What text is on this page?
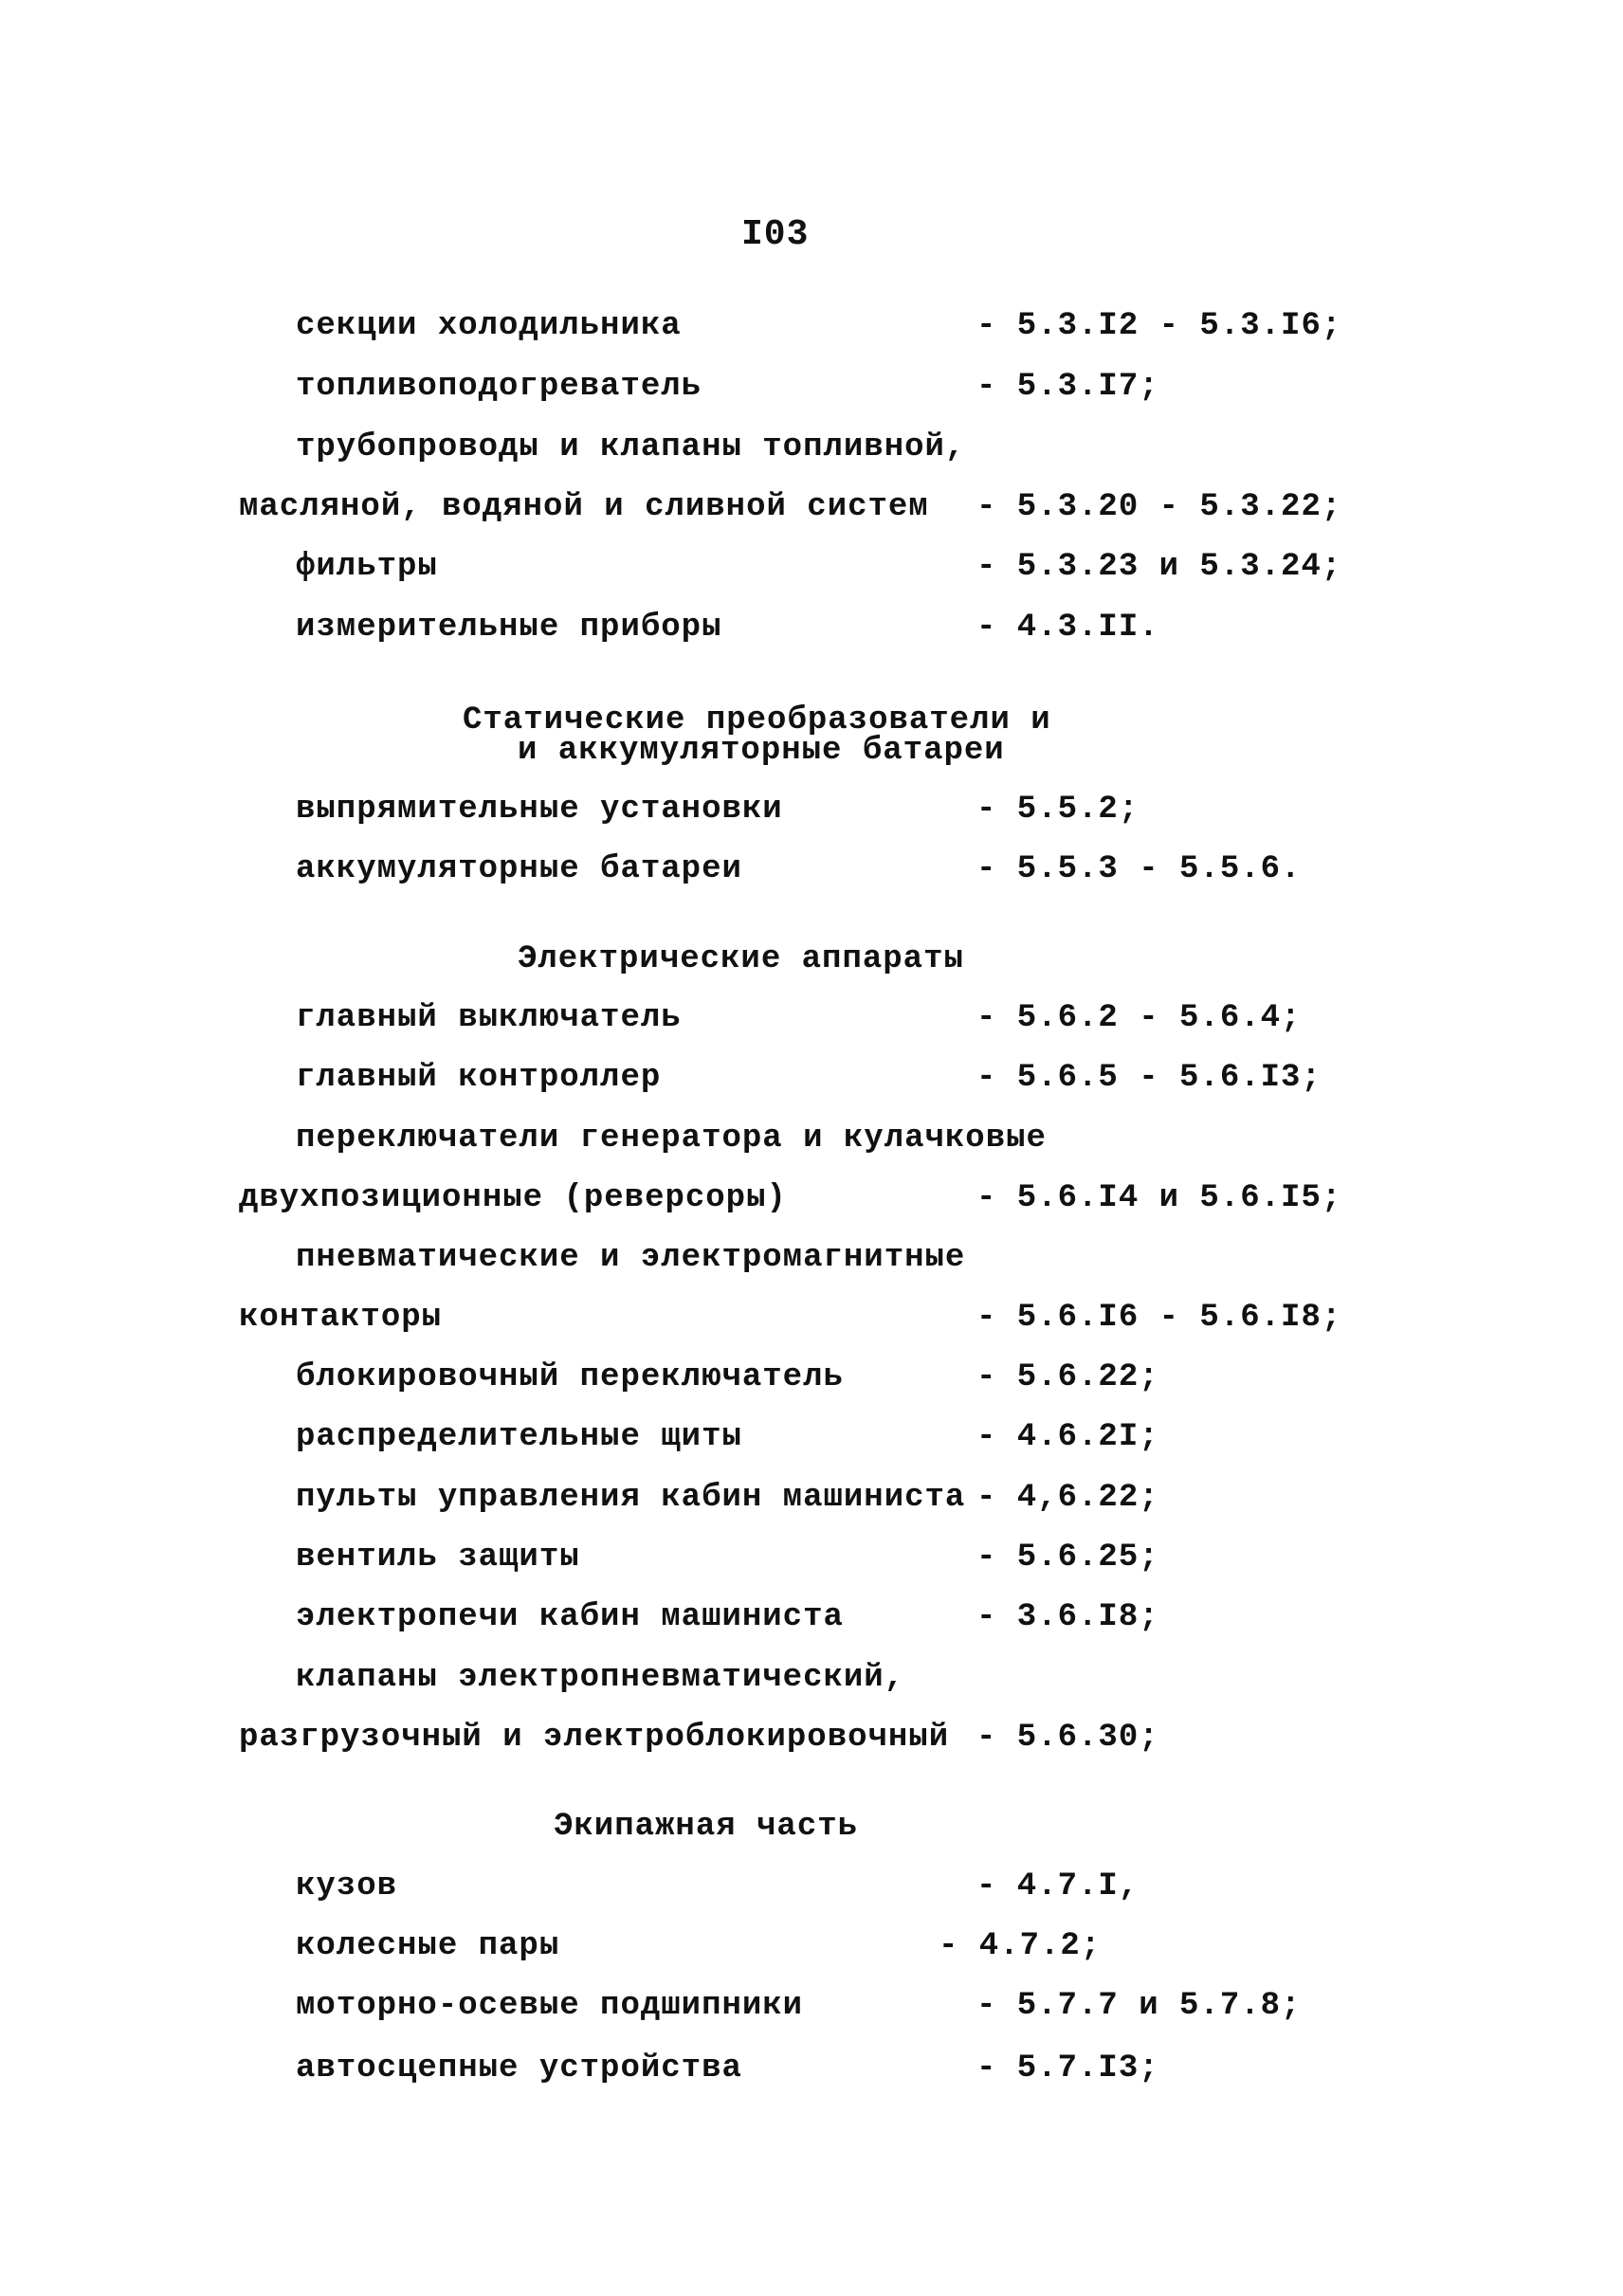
I03
секции холодильника	- 5.3.I2 - 5.3.I6;
топливоподогреватель	- 5.3.I7;
трубопроводы и клапаны топливной,
масляной, водяной и сливной систем - 5.3.20 - 5.3.22;
фильтры	- 5.3.23 и 5.3.24;
измерительные приборы	- 4.3.II.
Статические преобразователи и
и аккумуляторные батареи
выпрямительные установки	- 5.5.2;
аккумуляторные батареи	- 5.5.3 - 5.5.6.
Электрические аппараты
главный выключатель	- 5.6.2 - 5.6.4;
главный контроллер	- 5.6.5 - 5.6.I3;
переключатели генератора и кулачковые
двухпозиционные (реверсоры)	- 5.6.I4 и 5.6.I5;
пневматические и электромагнитные
контакторы	- 5.6.I6 - 5.6.I8;
блокировочный переключатель	- 5.6.22;
распределительные щиты	- 4.6.2I;
пульты управления кабин машиниста - 4,6.22;
вентиль защиты	- 5.6.25;
электропечи кабин машиниста	- 3.6.I8;
клапаны электропневматический,
разгрузочный и электроблокировочный - 5.6.30;
Экипажная часть
кузов	- 4.7.I,
колесные пары	- 4.7.2;
моторно-осевые подшипники	- 5.7.7 и 5.7.8;
автосцепные устройства	- 5.7.I3;
